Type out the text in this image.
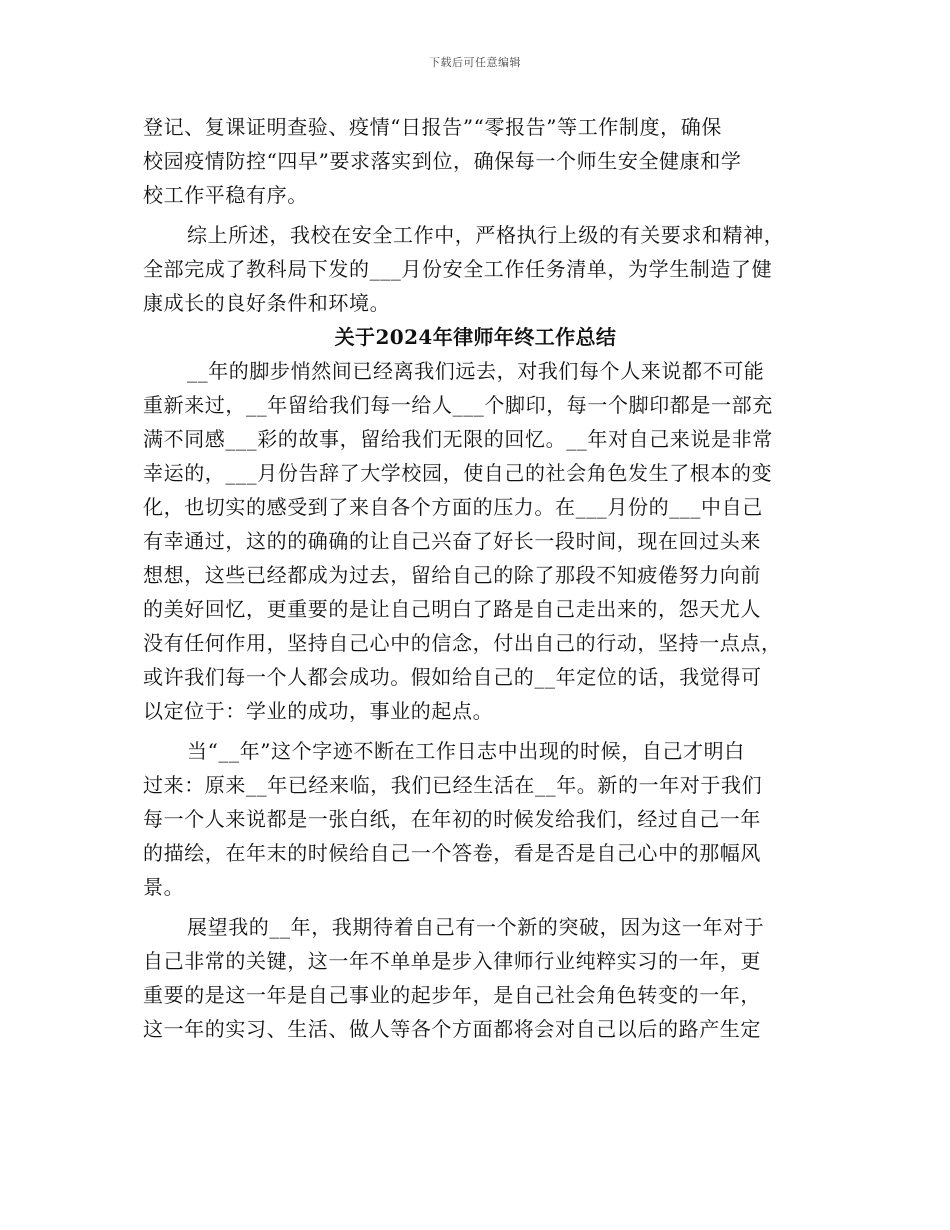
下载后可任意编辑
登记、复课证明查验、疫情“日报告”“零报告”等工作制度，确保
校园疫情防控“四早”要求落实到位，确保每一个师生安全健康和学
校工作平稳有序。
综上所述，我校在安全工作中，严格执行上级的有关要求和精神，
全部完成了教科局下发的___月份安全工作任务清单，为学生制造了健
康成长的良好条件和环境。
关于2024年律师年终工作总结
__年的脚步悄然间已经离我们远去，对我们每个人来说都不可能
重新来过，__年留给我们每一给人___个脚印，每一个脚印都是一部充
满不同感___彩的故事，留给我们无限的回忆。__年对自己来说是非常
幸运的，___月份告辞了大学校园，使自己的社会角色发生了根本的变
化，也切实的感受到了来自各个方面的压力。在___月份的___中自己
有幸通过，这的的确确的让自己兴奋了好长一段时间，现在回过头来
想想，这些已经都成为过去，留给自己的除了那段不知疲倦努力向前
的美好回忆，更重要的是让自己明白了路是自己走出来的，怨天尤人
没有任何作用，坚持自己心中的信念，付出自己的行动，坚持一点点，
或许我们每一个人都会成功。假如给自己的__年定位的话，我觉得可
以定位于：学业的成功，事业的起点。
当“__年”这个字迹不断在工作日志中出现的时候，自己才明白
过来：原来__年已经来临，我们已经生活在__年。新的一年对于我们
每一个人来说都是一张白纸，在年初的时候发给我们，经过自己一年
的描绘，在年末的时候给自己一个答卷，看是否是自己心中的那幅风
景。
展望我的__年，我期待着自己有一个新的突破，因为这一年对于
自己非常的关键，这一年不单单是步入律师行业纯粹实习的一年，更
重要的是这一年是自己事业的起步年，是自己社会角色转变的一年，
这一年的实习、生活、做人等各个方面都将会对自己以后的路产生定
